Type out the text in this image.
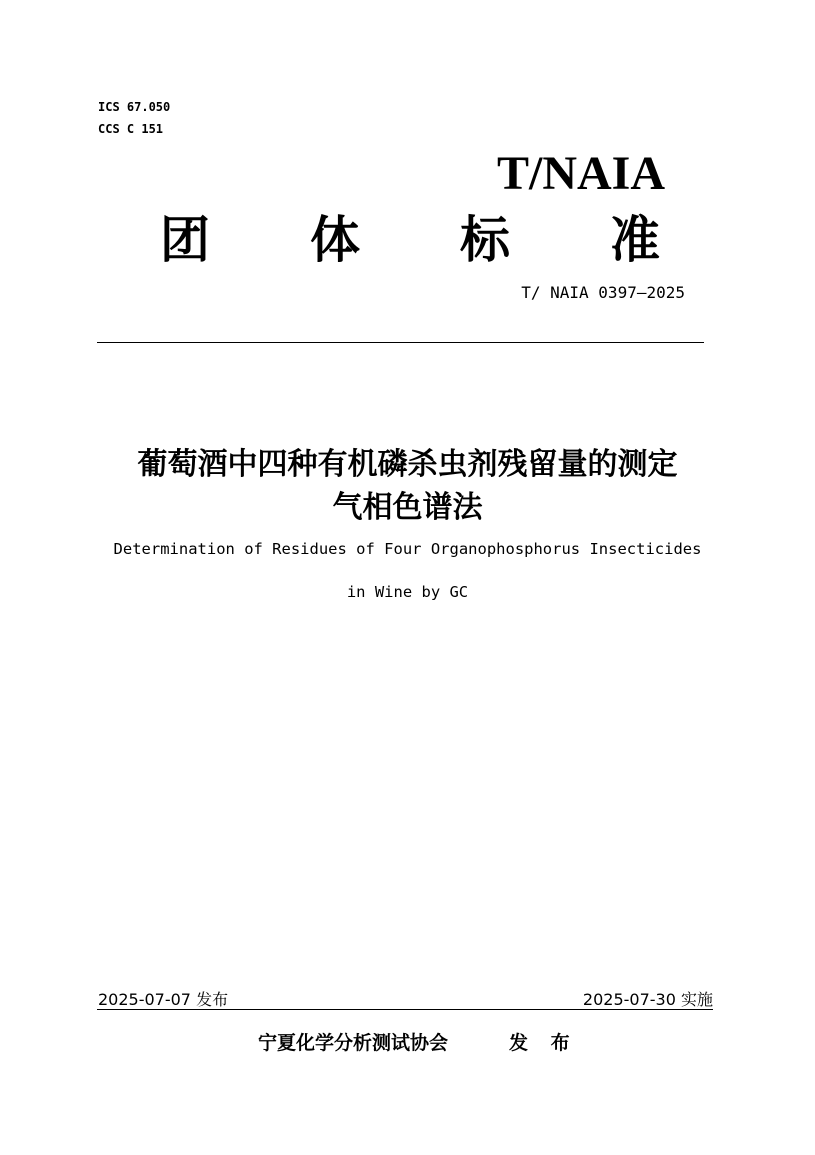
ICS 67.050
CCS C 151
T/NAIA
团 体 标 准
T/ NAIA 0397—2025
葡萄酒中四种有机磷杀虫剂残留量的测定
气相色谱法
Determination of Residues of Four Organophosphorus Insecticides
in Wine by GC
2025-07-07 发布	2025-07-30 实施
宁夏化学分析测试协会	发 布
